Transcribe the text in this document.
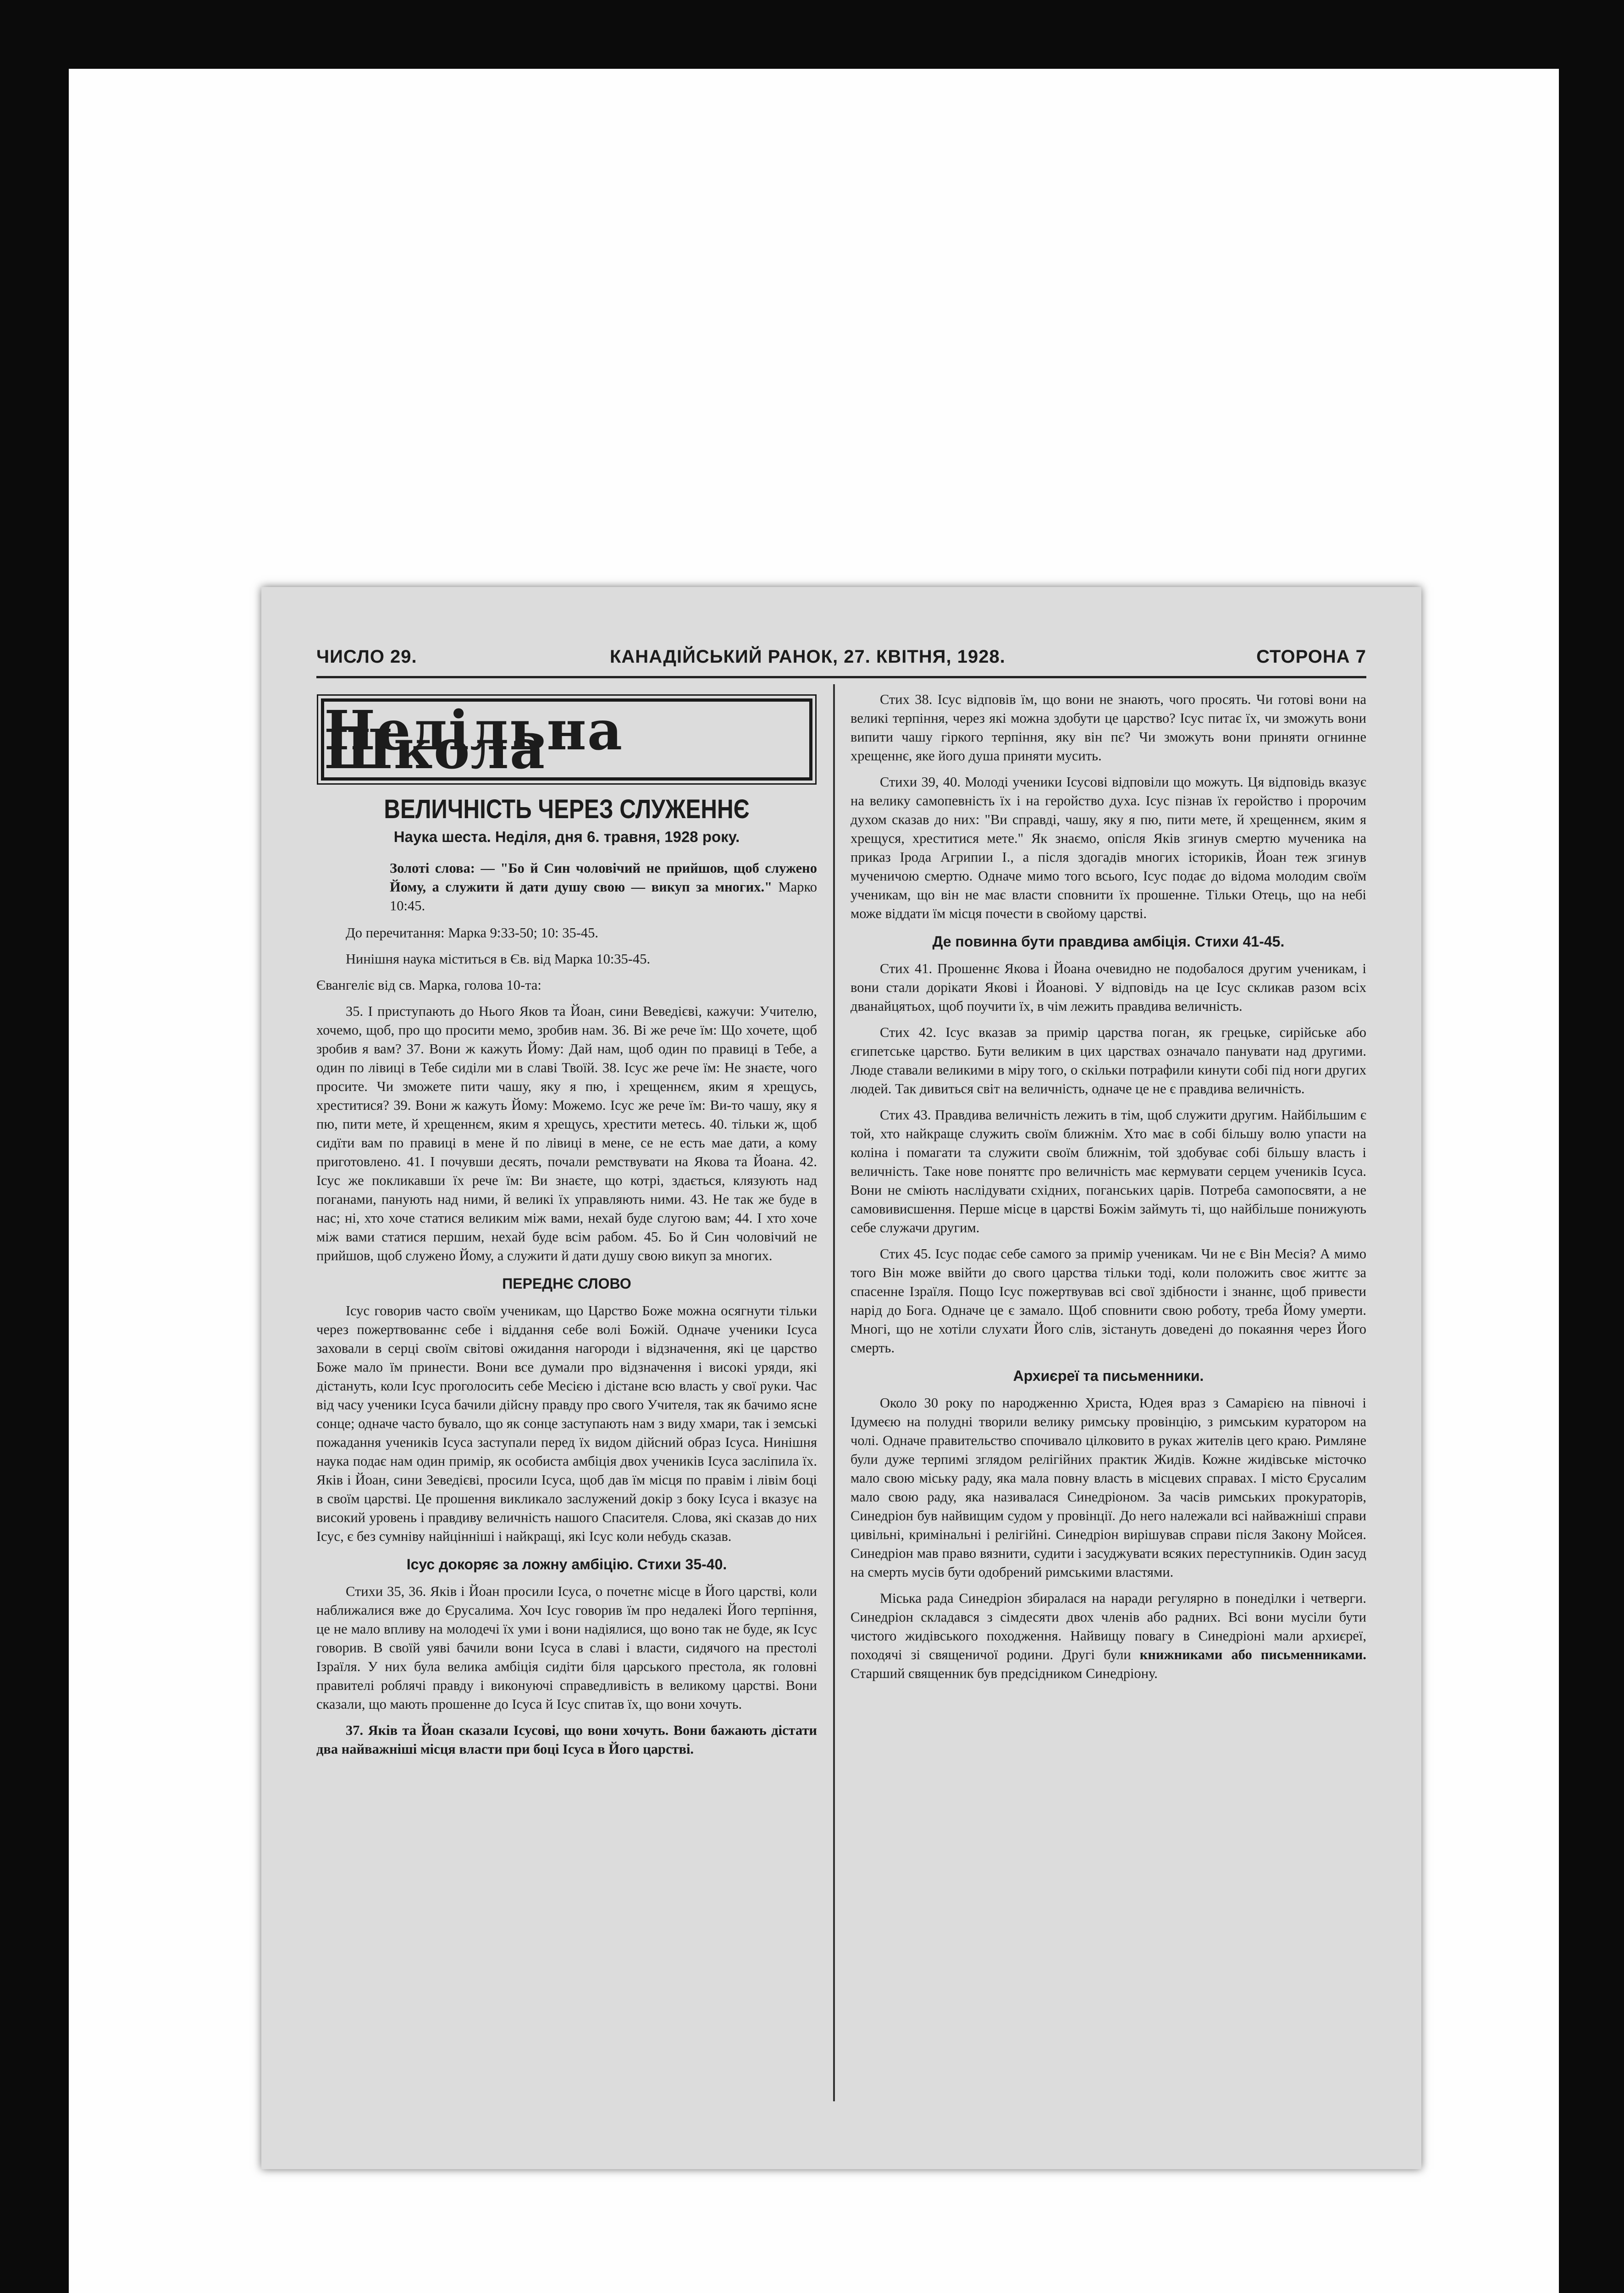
ЧИСЛО 29.	КАНАДІЙСЬКИЙ РАНОК, 27. КВІТНЯ, 1928.	СТОРОНА 7
Недільна Школа
ВЕЛИЧНІСТЬ ЧЕРЕЗ СЛУЖЕННЄ
Наука шеста. Неділя, дня 6. травня, 1928 року.
Золоті слова: — "Бо й Син чоловічий не прийшов, щоб служено Йому, а служити й дати душу свою — викуп за многих." Марко 10:45.

До перечитання: Марка 9:33-50; 10: 35-45.

Нинішня наука міститься в Єв. від Марка 10:35-45.

Євангеліє від св. Марка, голова 10-та:

35. І приступають до Нього Яков та Йоан, сини Веведієві, кажучи: Учителю, хочемо, щоб, про що просити мемо, зробив нам. 36. Ві же рече їм: Що хочете, щоб зробив я вам? 37. Вони ж кажуть Йому: Дай нам, щоб один по правиці в Тебе, а один по лівиці в Тебе сиділи ми в славі Твоїй. 38. Ісус же рече їм: Не знаєте, чого просите. Чи зможете пити чашу, яку я пю, і хрещеннєм, яким я хрещусь, хреститися? 39. Вони ж кажуть Йому: Можемо. Ісус же рече їм: Ви-то чашу, яку я пю, пити мете, й хрещеннєм, яким я хрещусь, хрестити метесь. 40. тільки ж, щоб сидїти вам по правиці в мене й по лівиці в мене, се не есть мае дати, а кому приготовлено. 41. І почувши десять, почали ремствувати на Якова та Йоана. 42. Ісус же покликавши їх рече їм: Ви знаєте, що котрі, здається, клязують над поганами, панують над ними, й великі їх управляють ними. 43. Не так же буде в нас; ні, хто хоче статися великим між вами, нехай буде слугою вам; 44. І хто хоче між вами статися першим, нехай буде всім рабом. 45. Бо й Син чоловічий не прийшов, щоб служено Йому, а служити й дати душу свою викуп за многих.

ПЕРЕДНЄ СЛОВО

Ісус говорив часто своїм ученикам, що Царство Боже можна осягнути тільки через пожертвованнє себе і віддання себе волі Божій. Одначе ученики Ісуса заховали в серці своїм світові ожидання нагороди і відзначення, які це царство Боже мало їм принести. Вони все думали про відзначення і високі уряди, які дістануть, коли Ісус проголосить себе Месією і дістане всю власть у свої руки. Час від часу ученики Ісуса бачили дійсну правду про свого Учителя, так як бачимо ясне сонце; одначе часто бувало, що як сонце заступають нам з виду хмари, так і земські пожадання учеників Ісуса заступали перед їх видом дійсний образ Ісуса. Нинішня наука подає нам один примір, як особиста амбіція двох учеників Ісуса засліпила їх. Яків і Йоан, сини Зеведієві, просили Ісуса, щоб дав їм місця по правім і лівім боці в своїм царстві. Це прошення викликало заслужений докір з боку Ісуса і вказує на високий уровень і правдиву величність нашого Спасителя. Слова, які сказав до них Ісус, є без сумніву найцінніші і найкращі, які Ісус коли небудь сказав.

Ісус докоряє за ложну амбіцію. Стихи 35-40.

Стихи 35, 36. Яків і Йоан просили Ісуса, о почетнє місце в Його царстві, коли наближалися вже до Єрусалима. Хоч Ісус говорив їм про недалекі Його терпіння, це не мало впливу на молодечі їх уми і вони надіялися, що воно так не буде, як Ісус говорив. В своїй уяві бачили вони Ісуса в славі і власти, сидячого на престолі Ізраїля. У них була велика амбіція сидіти біля царського престола, як головні правителі роблячі правду і виконуючі справедливість в великому царстві. Вони сказали, що мають прошенне до Ісуса й Ісус спитав їх, що вони хочуть.

37. Яків та Йоан сказали Ісусові, що вони хочуть. Вони бажають дістати два найважніші місця власти при боці Ісуса в Його царстві.

Стих 38. Ісус відповів їм, що вони не знають, чого просять. Чи готові вони на великі терпіння, через які можна здобути це царство? Ісус питає їх, чи зможуть вони випити чашу гіркого терпіння, яку він пє? Чи зможуть вони приняти огнинне хрещеннє, яке його душа приняти мусить.

Стихи 39, 40. Молоді ученики Ісусові відповіли що можуть. Ця відповідь вказує на велику самопевність їх і на геройство духа. Ісус пізнав їх геройство і пророчим духом сказав до них: "Ви справді, чашу, яку я пю, пити мете, й хрещеннєм, яким я хрещуся, хреститися мете." Як знаємо, опісля Яків згинув смертю мученика на приказ Ірода Агрипии І., а після здогадів многих істориків, Йоан теж згинув мученичою смертю. Одначе мимо того всього, Ісус подає до відома молодим своїм ученикам, що він не має власти сповнити їх прошенне. Тільки Отець, що на небі може віддати їм місця почести в свойому царстві.

Де повинна бути правдива амбіція. Стихи 41-45.

Стих 41. Прошеннє Якова і Йоана очевидно не подобалося другим ученикам, і вони стали дорікати Якові і Йоанові. У відповідь на це Ісус скликав разом всіх дванайцятьох, щоб поучити їх, в чім лежить правдива величність.

Стих 42. Ісус вказав за примір царства поган, як грецьке, сирійське або єгипетське царство. Бути великим в цих царствах означало панувати над другими. Люде ставали великими в міру того, о скільки потрафили кинути собі під ноги других людей. Так дивиться світ на величність, одначе це не є правдива величність.

Стих 43. Правдива величність лежить в тім, щоб служити другим. Найбільшим є той, хто найкраще служить своїм ближнім. Хто має в собі більшу волю упасти на коліна і помагати та служити своїм ближнім, той здобуває собі більшу власть і величність. Таке нове поняттє про величність має кермувати серцем учеників Ісуса. Вони не сміють наслідувати східних, поганських царів. Потреба самопосвяти, а не самовивисшення. Перше місце в царстві Божім займуть ті, що найбільше понижують себе служачи другим.

Стих 45. Ісус подає себе самого за примір ученикам. Чи не є Він Месія? А мимо того Він може ввійти до свого царства тільки тоді, коли положить своє життє за спасенне Ізраїля. Пощо Ісус пожертвував всі свої здібности і знаннє, щоб привести нарід до Бога. Одначе це є замало. Щоб сповнити свою роботу, треба Йому умерти. Многі, що не хотіли слухати Його слів, зістануть доведені до покаяння через Його смерть.

Архиєреї та письменники.

Около 30 року по народженню Христа, Юдея враз з Самарією на півночі і Ідумеєю на полудні творили велику римську провінцію, з римським куратором на чолі. Одначе правительство спочивало цілковито в руках жителів цего краю. Римляне були дуже терпимі зглядом релігійних практик Жидів. Кожне жидівське місточко мало свою міську раду, яка мала повну власть в місцевих справах. І місто Єрусалим мало свою раду, яка називалася Синедріоном. За часів римських прокураторів, Синедріон був найвищим судом у провінції. До него належали всі найважніші справи цивільні, кримінальні і релігійні. Синедріон вирішував справи після Закону Мойсея. Синедріон мав право вязнити, судити і засуджувати всяких переступників. Один засуд на смерть мусів бути одобрений римськими властями.

Міська рада Синедріон збиралася на наради регулярно в понеділки і четверги. Синедріон складався з сімдесяти двох членів або радних. Всі вони мусіли бути чистого жидівського походження. Найвищу повагу в Синедріоні мали архиєреї, походячі зі священичої родини. Другі були книжниками або письменниками. Старший священник був предсідником Синедріону.
